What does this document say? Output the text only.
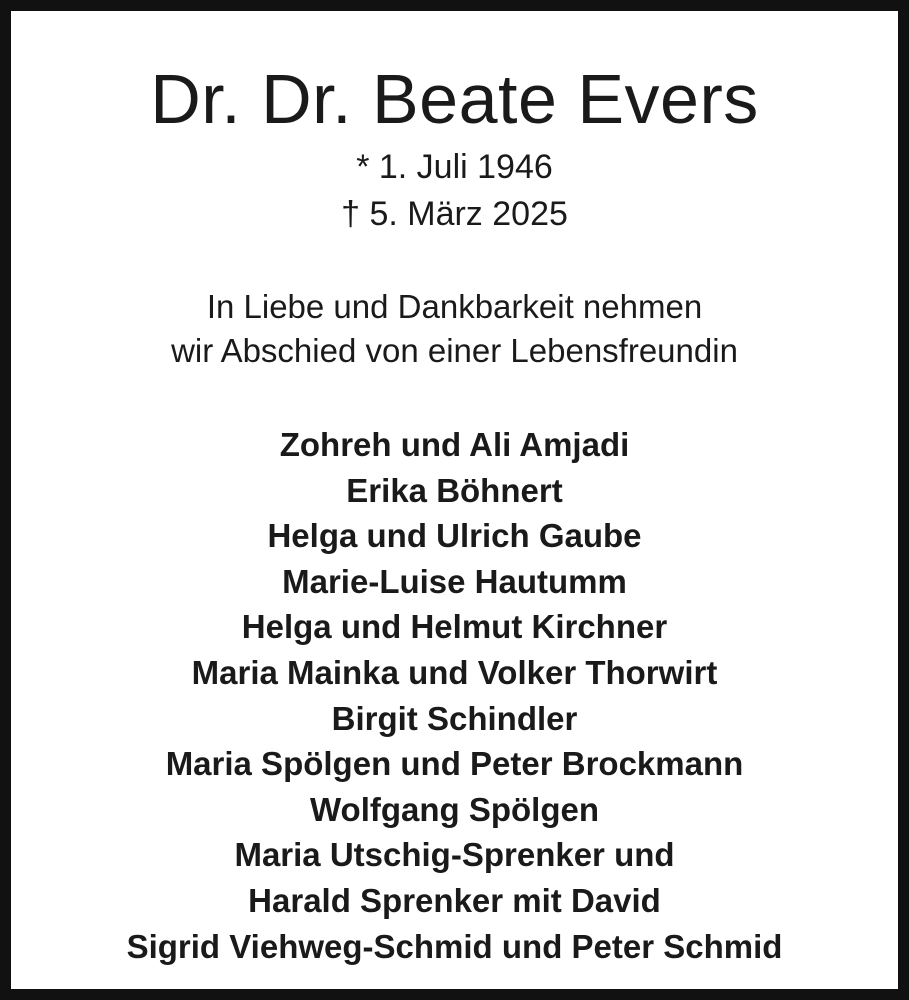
Dr. Dr. Beate Evers
* 1. Juli 1946
† 5. März 2025
In Liebe und Dankbarkeit nehmen
wir Abschied von einer Lebensfreundin
Zohreh und Ali Amjadi
Erika Böhnert
Helga und Ulrich Gaube
Marie-Luise Hautumm
Helga und Helmut Kirchner
Maria Mainka und Volker Thorwirt
Birgit Schindler
Maria Spölgen und Peter Brockmann
Wolfgang Spölgen
Maria Utschig-Sprenker und
Harald Sprenker mit David
Sigrid Viehweg-Schmid und Peter Schmid
